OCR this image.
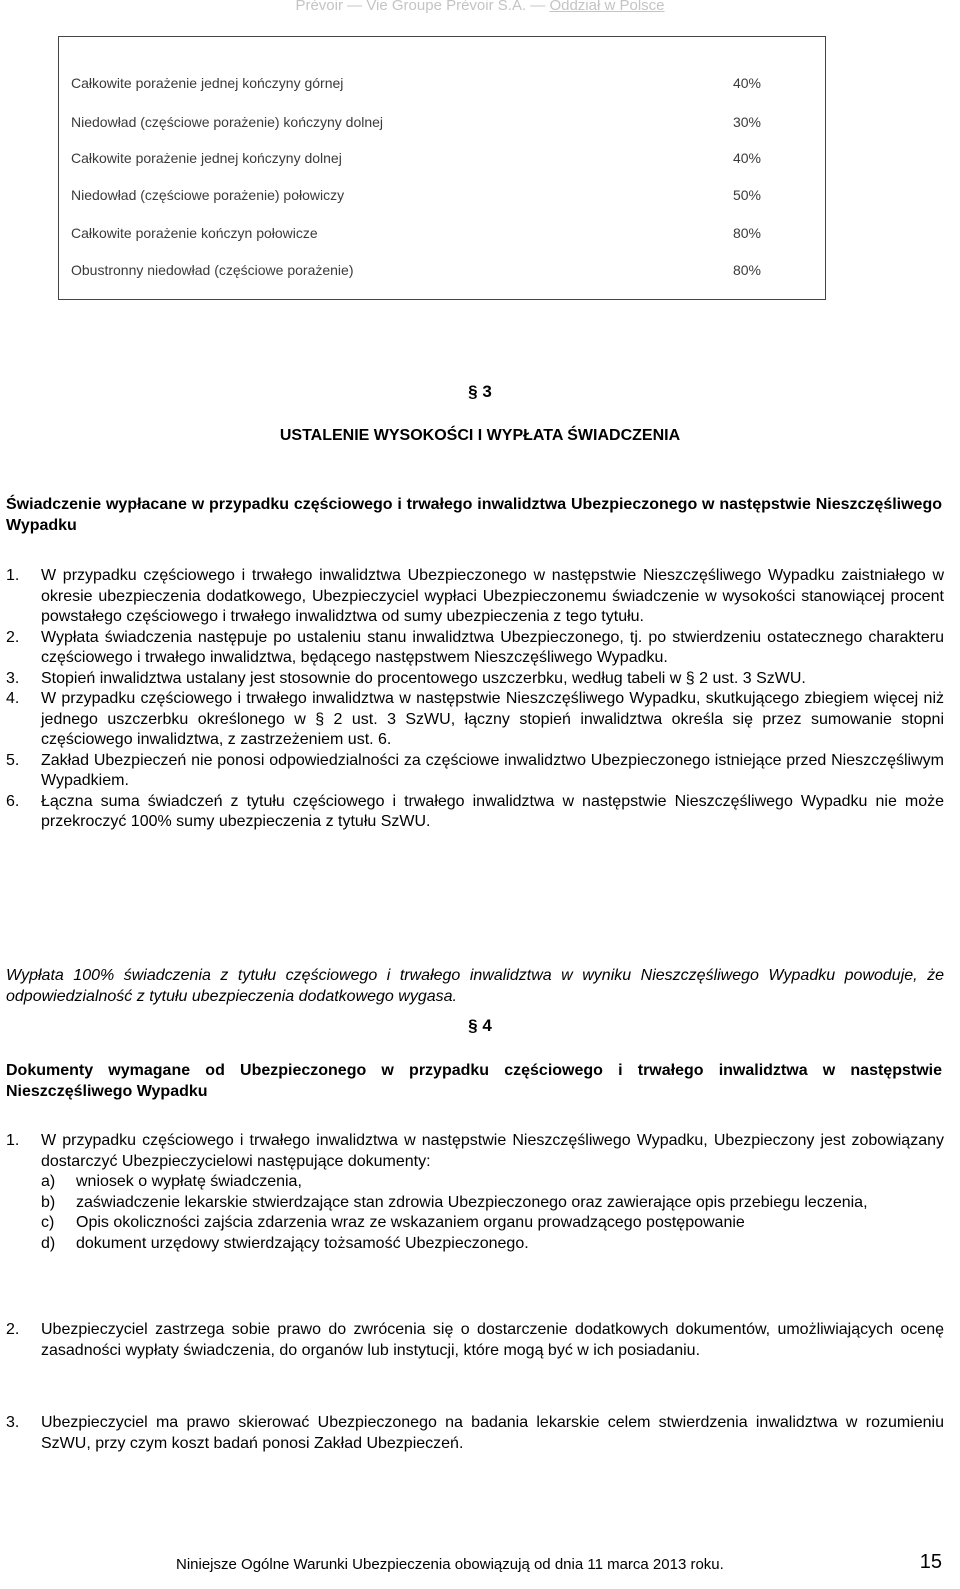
Prévoir — Vie Groupe Prévoir S.A. — Oddział w Polsce
Całkowite porażenie jednej kończyny górnej	40%
Niedowład (częściowe porażenie) kończyny dolnej	30%
Całkowite porażenie jednej kończyny dolnej	40%
Niedowład (częściowe porażenie) połowiczy	50%
Całkowite porażenie kończyn połowicze	80%
Obustronny niedowład (częściowe porażenie)	80%
§ 3
USTALENIE WYSOKOŚCI I WYPŁATA ŚWIADCZENIA
Świadczenie wypłacane w przypadku częściowego i trwałego inwalidztwa Ubezpieczonego w następstwie Nieszczęśliwego Wypadku
1. W przypadku częściowego i trwałego inwalidztwa Ubezpieczonego w następstwie Nieszczęśliwego Wypadku zaistniałego w okresie ubezpieczenia dodatkowego, Ubezpieczyciel wypłaci Ubezpieczonemu świadczenie w wysokości stanowiącej procent powstałego częściowego i trwałego inwalidztwa od sumy ubezpieczenia z tego tytułu.
2. Wypłata świadczenia następuje po ustaleniu stanu inwalidztwa Ubezpieczonego, tj. po stwierdzeniu ostatecznego charakteru częściowego i trwałego inwalidztwa, będącego następstwem Nieszczęśliwego Wypadku.
3. Stopień inwalidztwa ustalany jest stosownie do procentowego uszczerbku, według tabeli w § 2 ust. 3 SzWU.
4. W przypadku częściowego i trwałego inwalidztwa w następstwie Nieszczęśliwego Wypadku, skutkującego zbiegiem więcej niż jednego uszczerbku określonego w § 2 ust. 3 SzWU, łączny stopień inwalidztwa określa się przez sumowanie stopni częściowego inwalidztwa, z zastrzeżeniem ust. 6.
5. Zakład Ubezpieczeń nie ponosi odpowiedzialności za częściowe inwalidztwo Ubezpieczonego istniejące przed Nieszczęśliwym Wypadkiem.
6. Łączna suma świadczeń z tytułu częściowego i trwałego inwalidztwa w następstwie Nieszczęśliwego Wypadku nie może przekroczyć 100% sumy ubezpieczenia z tytułu SzWU.
Wypłata 100% świadczenia z tytułu częściowego i trwałego inwalidztwa w wyniku Nieszczęśliwego Wypadku powoduje, że odpowiedzialność z tytułu ubezpieczenia dodatkowego wygasa.
§ 4
Dokumenty wymagane od Ubezpieczonego w przypadku częściowego i trwałego inwalidztwa w następstwie Nieszczęśliwego Wypadku
1. W przypadku częściowego i trwałego inwalidztwa w następstwie Nieszczęśliwego Wypadku, Ubezpieczony jest zobowiązany dostarczyć Ubezpieczycielowi następujące dokumenty:
a) wniosek o wypłatę świadczenia,
b) zaświadczenie lekarskie stwierdzające stan zdrowia Ubezpieczonego oraz zawierające opis przebiegu leczenia,
c) Opis okoliczności zajścia zdarzenia wraz ze wskazaniem organu prowadzącego postępowanie
d) dokument urzędowy stwierdzający tożsamość Ubezpieczonego.
2. Ubezpieczyciel zastrzega sobie prawo do zwrócenia się o dostarczenie dodatkowych dokumentów, umożliwiających ocenę zasadności wypłaty świadczenia, do organów lub instytucji, które mogą być w ich posiadaniu.
3. Ubezpieczyciel ma prawo skierować Ubezpieczonego na badania lekarskie celem stwierdzenia inwalidztwa w rozumieniu SzWU, przy czym koszt badań ponosi Zakład Ubezpieczeń.
Niniejsze Ogólne Warunki Ubezpieczenia obowiązują od dnia 11 marca 2013 roku.	15
